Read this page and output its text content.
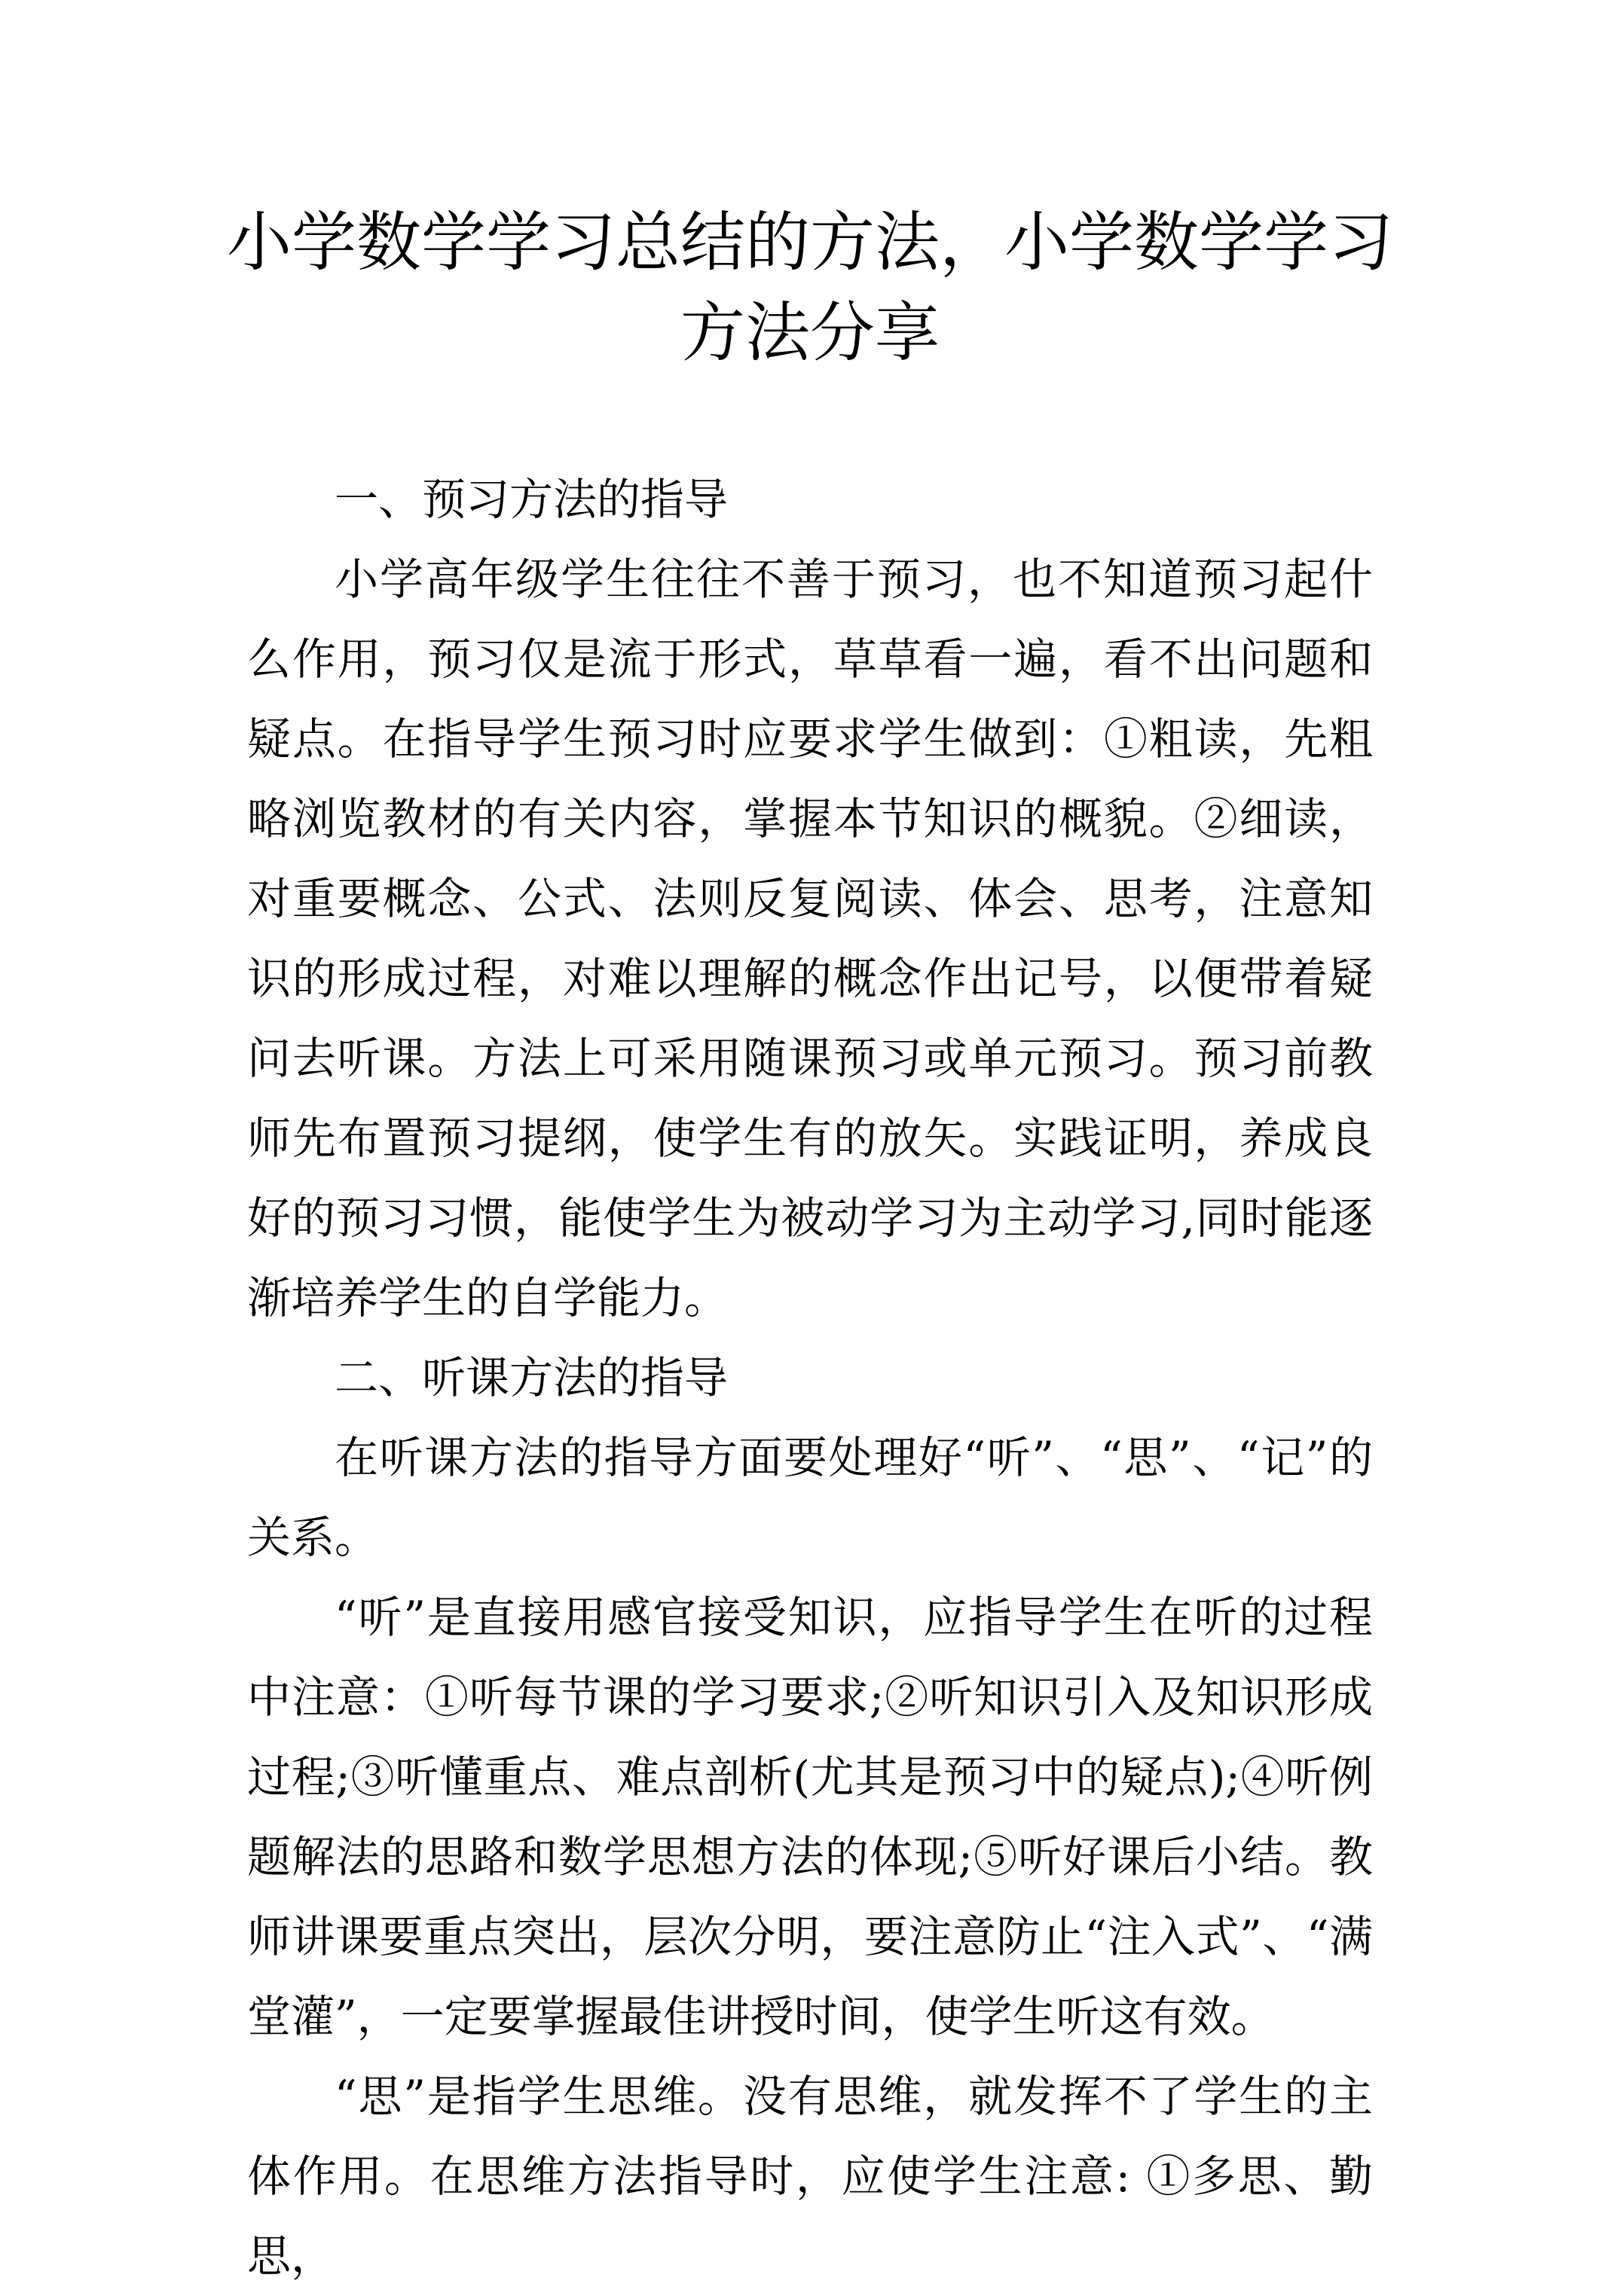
小学数学学习总结的方法，小学数学学习方法分享

一、预习方法的指导

小学高年级学生往往不善于预习，也不知道预习起什么作用，预习仅是流于形式，草草看一遍，看不出问题和疑点。在指导学生预习时应要求学生做到：①粗读，先粗略浏览教材的有关内容，掌握本节知识的概貌。②细读，对重要概念、公式、法则反复阅读、体会、思考，注意知识的形成过程，对难以理解的概念作出记号，以便带着疑问去听课。方法上可采用随课预习或单元预习。预习前教师先布置预习提纲，使学生有的放矢。实践证明，养成良好的预习习惯，能使学生为被动学习为主动学习,同时能逐渐培养学生的自学能力。

二、听课方法的指导

在听课方法的指导方面要处理好“听”、“思”、“记”的关系。

“听”是直接用感官接受知识，应指导学生在听的过程中注意：①听每节课的学习要求;②听知识引入及知识形成过程;③听懂重点、难点剖析(尤其是预习中的疑点);④听例题解法的思路和数学思想方法的体现;⑤听好课后小结。教师讲课要重点突出，层次分明，要注意防止“注入式”、“满堂灌”，一定要掌握最佳讲授时间，使学生听这有效。

“思”是指学生思维。没有思维，就发挥不了学生的主体作用。在思维方法指导时，应使学生注意: ①多思、勤思，
